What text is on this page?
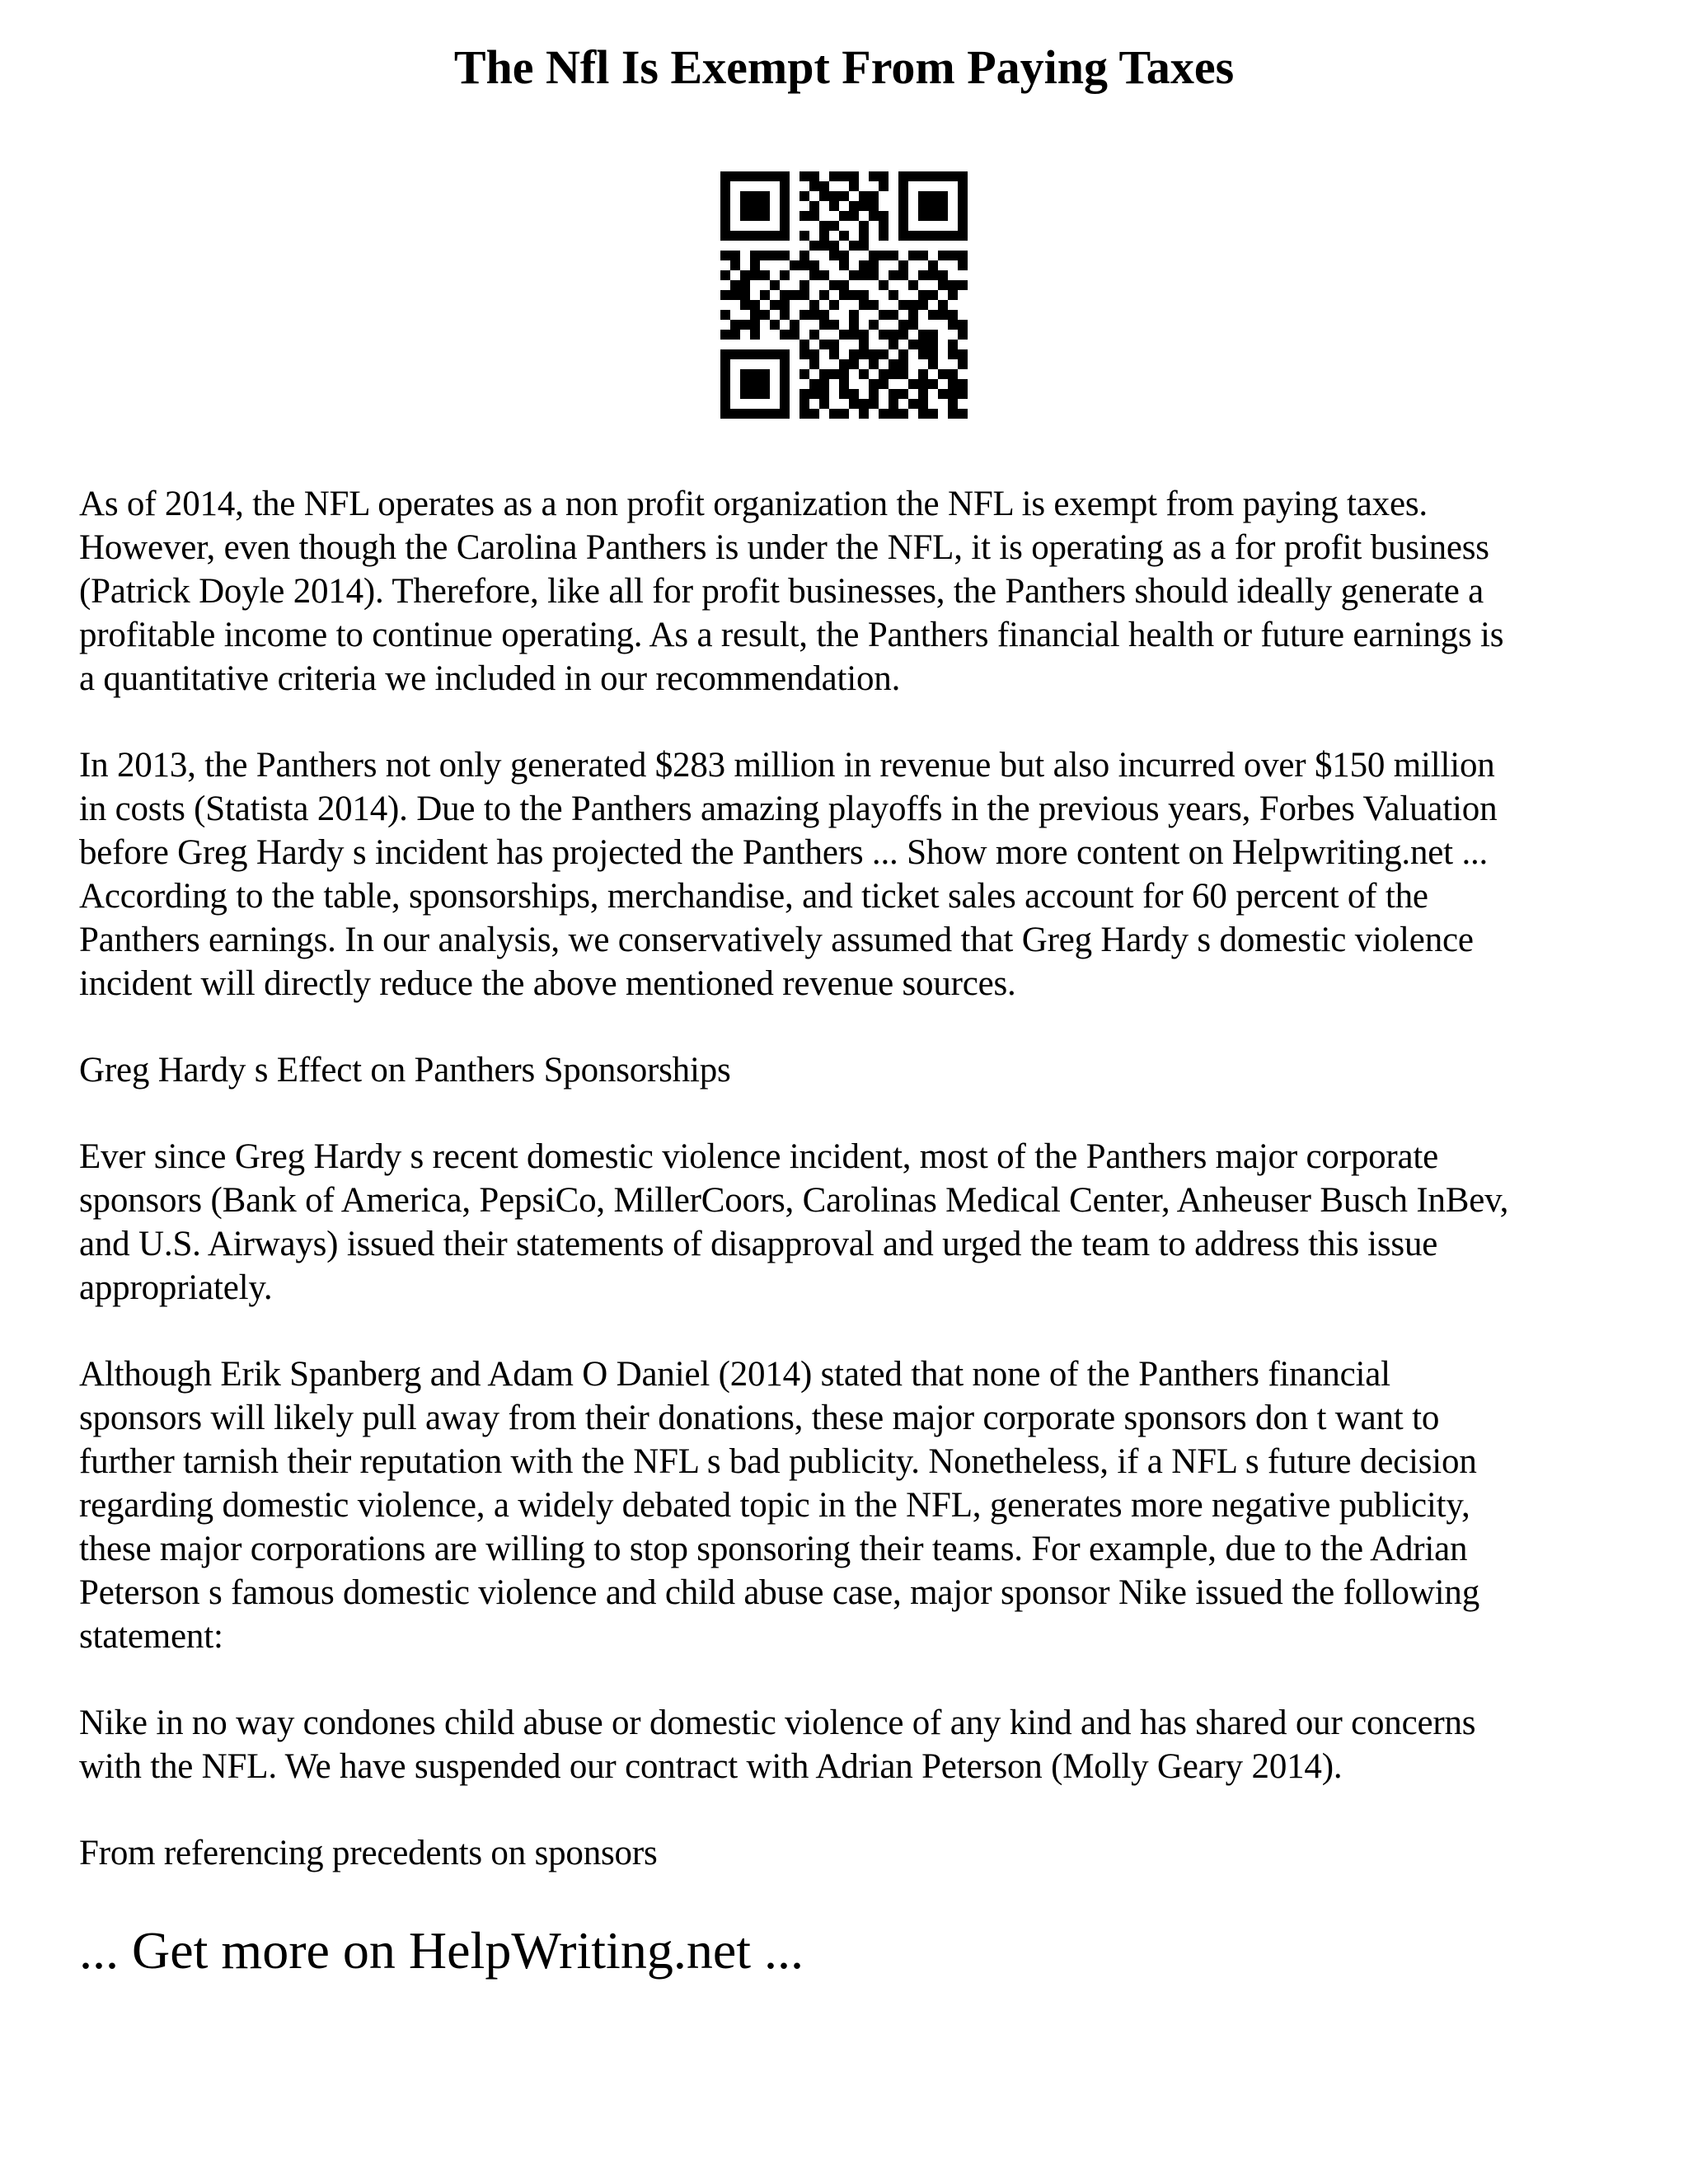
The Nfl Is Exempt From Paying Taxes

As of 2014, the NFL operates as a non profit organization the NFL is exempt from paying taxes.
However, even though the Carolina Panthers is under the NFL, it is operating as a for profit business
(Patrick Doyle 2014). Therefore, like all for profit businesses, the Panthers should ideally generate a
profitable income to continue operating. As a result, the Panthers financial health or future earnings is
a quantitative criteria we included in our recommendation.

In 2013, the Panthers not only generated $283 million in revenue but also incurred over $150 million
in costs (Statista 2014). Due to the Panthers amazing playoffs in the previous years, Forbes Valuation
before Greg Hardy s incident has projected the Panthers ... Show more content on Helpwriting.net ...
According to the table, sponsorships, merchandise, and ticket sales account for 60 percent of the
Panthers earnings. In our analysis, we conservatively assumed that Greg Hardy s domestic violence
incident will directly reduce the above mentioned revenue sources.

Greg Hardy s Effect on Panthers Sponsorships

Ever since Greg Hardy s recent domestic violence incident, most of the Panthers major corporate
sponsors (Bank of America, PepsiCo, MillerCoors, Carolinas Medical Center, Anheuser Busch InBev,
and U.S. Airways) issued their statements of disapproval and urged the team to address this issue
appropriately.

Although Erik Spanberg and Adam O Daniel (2014) stated that none of the Panthers financial
sponsors will likely pull away from their donations, these major corporate sponsors don t want to
further tarnish their reputation with the NFL s bad publicity. Nonetheless, if a NFL s future decision
regarding domestic violence, a widely debated topic in the NFL, generates more negative publicity,
these major corporations are willing to stop sponsoring their teams. For example, due to the Adrian
Peterson s famous domestic violence and child abuse case, major sponsor Nike issued the following
statement:

Nike in no way condones child abuse or domestic violence of any kind and has shared our concerns
with the NFL. We have suspended our contract with Adrian Peterson (Molly Geary 2014).

From referencing precedents on sponsors

... Get more on HelpWriting.net ...
